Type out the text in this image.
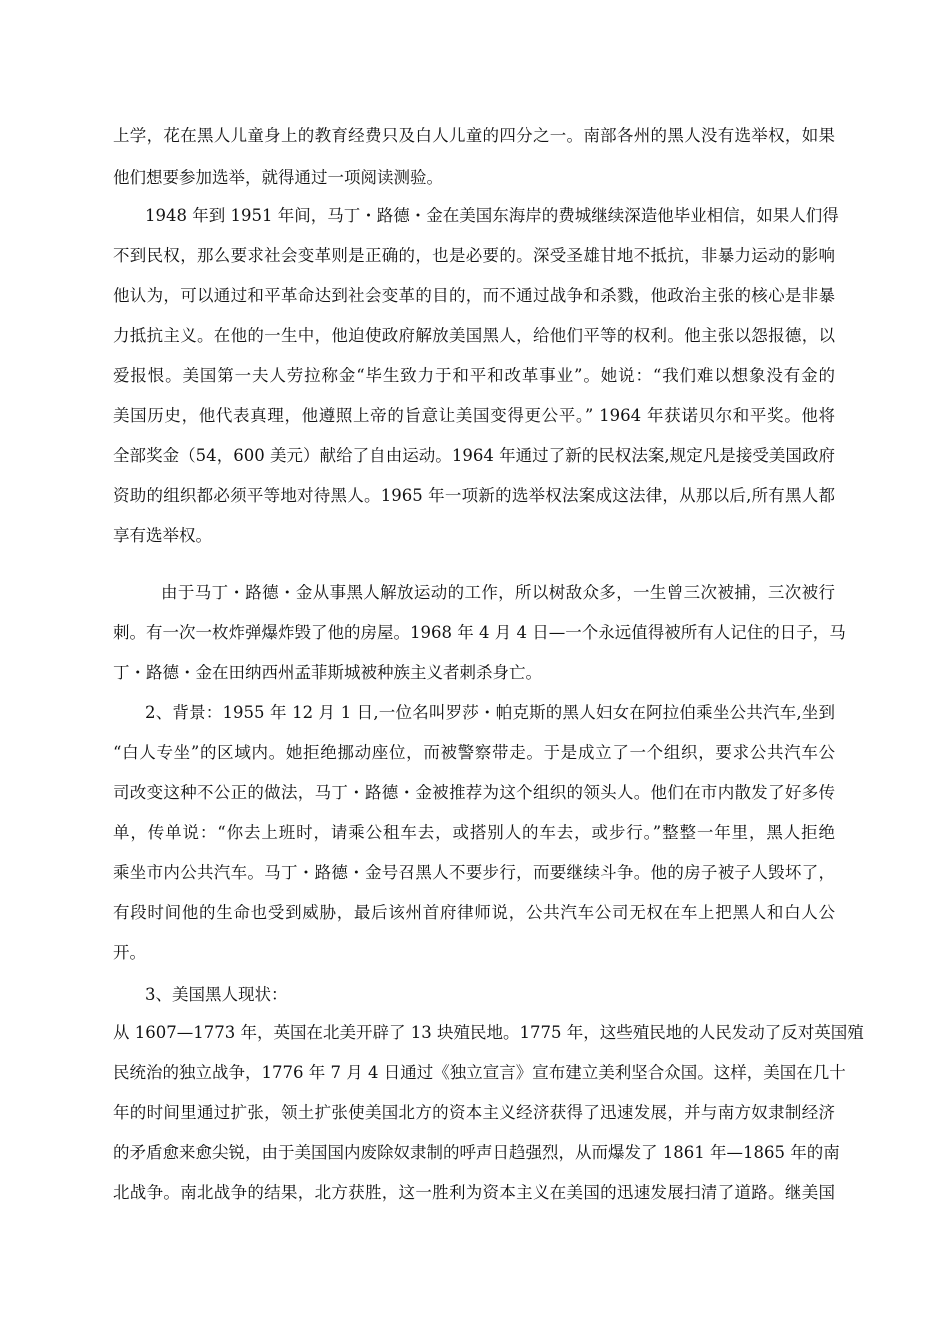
上学，花在黑人儿童身上的教育经费只及白人儿童的四分之一。南部各州的黑人没有选举权，如果
他们想要参加选举，就得通过一项阅读测验。
1948 年到 1951 年间，马丁・路德・金在美国东海岸的费城继续深造他毕业相信，如果人们得
不到民权，那么要求社会变革则是正确的，也是必要的。深受圣雄甘地不抵抗，非暴力运动的影响
他认为，可以通过和平革命达到社会变革的目的，而不通过战争和杀戮，他政治主张的核心是非暴
力抵抗主义。在他的一生中，他迫使政府解放美国黑人，给他们平等的权利。他主张以怨报德，以
爱报恨。美国第一夫人劳拉称金“毕生致力于和平和改革事业”。她说：“我们难以想象没有金的
美国历史，他代表真理，他遵照上帝的旨意让美国变得更公平。” 1964 年获诺贝尔和平奖。他将
全部奖金（54，600 美元）献给了自由运动。1964 年通过了新的民权法案,规定凡是接受美国政府
资助的组织都必须平等地对待黑人。1965 年一项新的选举权法案成这法律，从那以后,所有黑人都
享有选举权。
由于马丁・路德・金从事黑人解放运动的工作，所以树敌众多，一生曾三次被捕，三次被行
刺。有一次一枚炸弹爆炸毁了他的房屋。1968 年 4 月 4 日—一个永远值得被所有人记住的日子，马
丁・路德・金在田纳西州孟菲斯城被种族主义者刺杀身亡。
2、背景：1955 年 12 月 1 日,一位名叫罗莎・帕克斯的黑人妇女在阿拉伯乘坐公共汽车,坐到
“白人专坐”的区域内。她拒绝挪动座位，而被警察带走。于是成立了一个组织，要求公共汽车公
司改变这种不公正的做法，马丁・路德・金被推荐为这个组织的领头人。他们在市内散发了好多传
单，传单说：“你去上班时，请乘公租车去，或搭别人的车去，或步行。”整整一年里，黑人拒绝
乘坐市内公共汽车。马丁・路德・金号召黑人不要步行，而要继续斗争。他的房子被子人毁坏了，
有段时间他的生命也受到威胁，最后该州首府律师说，公共汽车公司无权在车上把黑人和白人公
开。
3、美国黑人现状：
从 1607—1773 年，英国在北美开辟了 13 块殖民地。1775 年，这些殖民地的人民发动了反对英国殖
民统治的独立战争，1776 年 7 月 4 日通过《独立宣言》宣布建立美利坚合众国。这样，美国在几十
年的时间里通过扩张，领土扩张使美国北方的资本主义经济获得了迅速发展，并与南方奴隶制经济
的矛盾愈来愈尖锐，由于美国国内废除奴隶制的呼声日趋强烈，从而爆发了 1861 年—1865 年的南
北战争。南北战争的结果，北方获胜，这一胜利为资本主义在美国的迅速发展扫清了道路。继美国
